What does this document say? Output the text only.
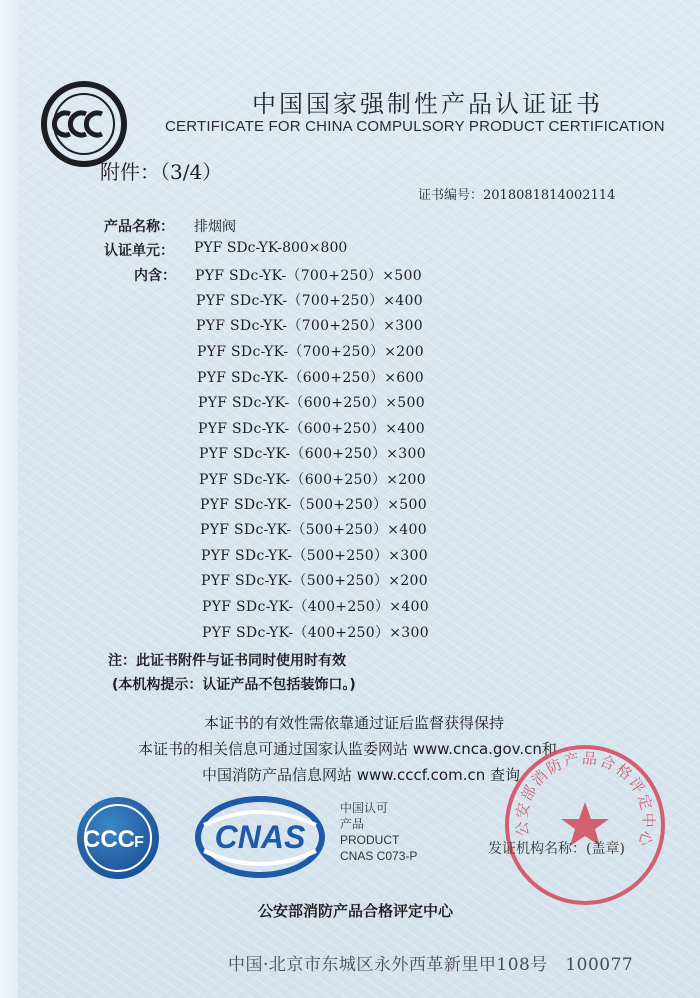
中国国家强制性产品认证证书
CERTIFICATE FOR CHINA COMPULSORY PRODUCT CERTIFICATION
附件：（3/4）
证书编号：2018081814002114
产品名称： 排烟阀
认证单元： PYF SDc-YK-800×800
内含： PYF SDc-YK-（700+250）×500
PYF SDc-YK-（700+250）×400
PYF SDc-YK-（700+250）×300
PYF SDc-YK-（700+250）×200
PYF SDc-YK-（600+250）×600
PYF SDc-YK-（600+250）×500
PYF SDc-YK-（600+250）×400
PYF SDc-YK-（600+250）×300
PYF SDc-YK-（600+250）×200
PYF SDc-YK-（500+250）×500
PYF SDc-YK-（500+250）×400
PYF SDc-YK-（500+250）×300
PYF SDc-YK-（500+250）×200
PYF SDc-YK-（400+250）×400
PYF SDc-YK-（400+250）×300
注：此证书附件与证书同时使用时有效
(本机构提示：认证产品不包括装饰口。)
本证书的有效性需依靠通过证后监督获得保持
本证书的相关信息可通过国家认监委网站 www.cnca.gov.cn和
中国消防产品信息网站 www.cccf.com.cn 查询
CCC F CNAS
中国认可
产品
PRODUCT
CNAS C073-P
公安部消防产品合格评定中心
发证机构名称：(盖章)
公安部消防产品合格评定中心
中国·北京市东城区永外西革新里甲108号　100077
